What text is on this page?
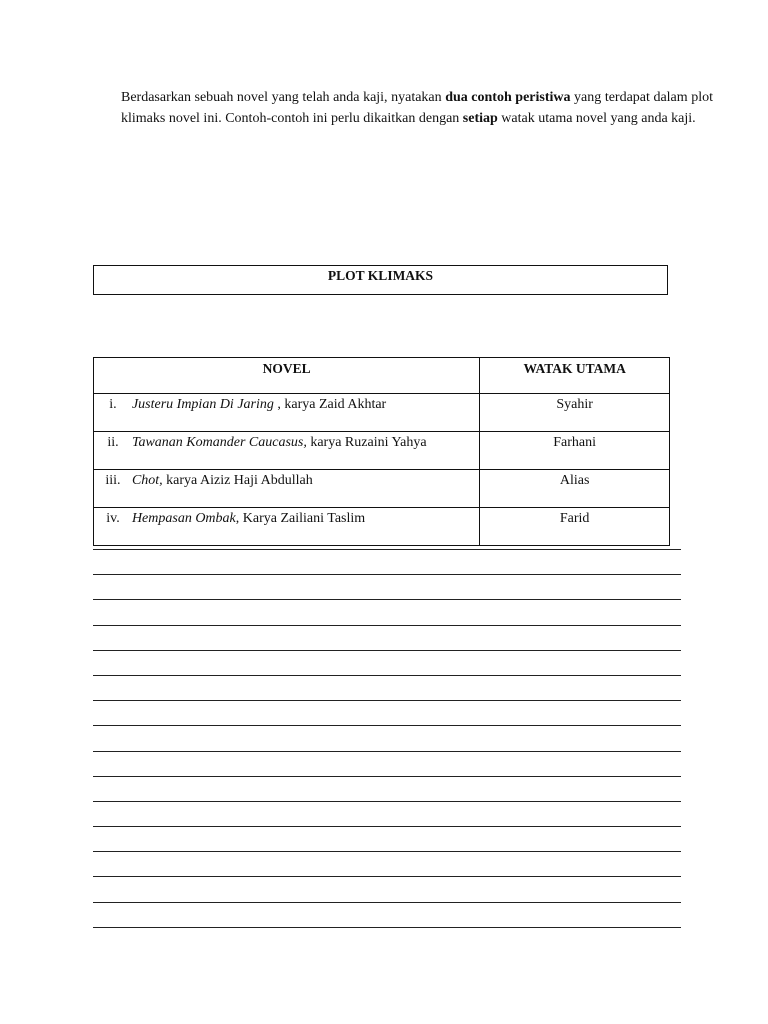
Berdasarkan sebuah novel yang telah anda kaji, nyatakan dua contoh peristiwa yang terdapat dalam plot klimaks novel ini. Contoh-contoh ini perlu dikaitkan dengan setiap watak utama novel yang anda kaji.

PLOT KLIMAKS
NOVEL		WATAK UTAMA
i.	Justeru Impian Di Jaring , karya Zaid Akhtar	Syahir
ii.	Tawanan Komander Caucasus, karya Ruzaini Yahya	Farhani
iii.	Chot, karya Aiziz Haji Abdullah	Alias
iv.	Hempasan Ombak, Karya Zailiani Taslim	Farid
